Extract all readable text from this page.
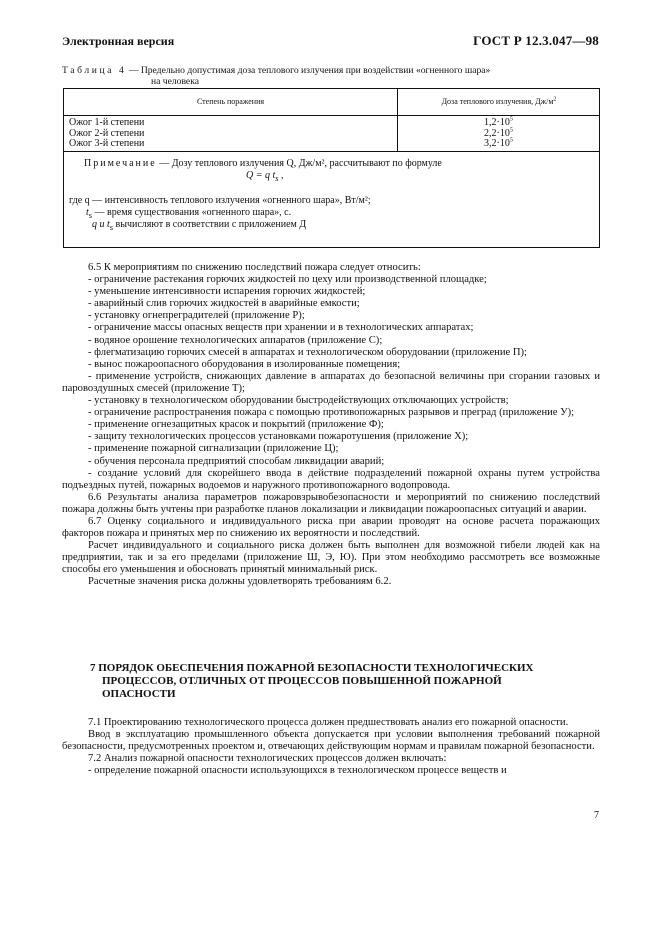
Электронная версия	ГОСТ Р 12.3.047—98
Таблица 4 — Предельно допустимая доза теплового излучения при воздействии «огненного шара»
на человека
Степень поражения	Доза теплового излучения, $Дж/м^2$
Ожог 1-й степени
Ожог 2-й степени
Ожог 3-й степени
$1,2\cdot 10^5$
$2,2\cdot 10^5$
$3,2\cdot 10^5$
Примечание — Дозу теплового излучения Q, Дж/м², рассчитывают по формуле
Q = q $t_s$ ,
где q — интенсивность теплового излучения «огненного шара», Вт/м²;
$t_s$ — время существования «огненного шара», с.
q и $t_s$ вычисляют в соответствии с приложением Д

6.5 К мероприятиям по снижению последствий пожара следует относить:

- ограничение растекания горючих жидкостей по цеху или производственной площадке;

- уменьшение интенсивности испарения горючих жидкостей;

- аварийный слив горючих жидкостей в аварийные емкости;

- установку огнепреградителей (приложение Р);

- ограничение массы опасных веществ при хранении и в технологических аппаратах;

- водяное орошение технологических аппаратов (приложение С);

- флегматизацию горючих смесей в аппаратах и технологическом оборудовании (приложение П);

- вынос пожароопасного оборудования в изолированные помещения;

- применение устройств, снижающих давление в аппаратах до безопасной величины при сгорании газовых и паровоздушных смесей (приложение Т);

- установку в технологическом оборудовании быстродействующих отключающих устройств;

- ограничение распространения пожара с помощью противопожарных разрывов и преград (приложение У);

- применение огнезащитных красок и покрытий (приложение Ф);

- защиту технологических процессов установками пожаротушения (приложение Х);

- применение пожарной сигнализации (приложение Ц);

- обучения персонала предприятий способам ликвидации аварий;

- создание условий для скорейшего ввода в действие подразделений пожарной охраны путем устройства подъездных путей, пожарных водоемов и наружного противопожарного водопровода.

6.6 Результаты анализа параметров пожаровзрывобезопасности и мероприятий по снижению последствий пожара должны быть учтены при разработке планов локализации и ликвидации пожароопасных ситуаций и аварии.

6.7 Оценку социального и индивидуального риска при аварии проводят на основе расчета поражающих факторов пожара и принятых мер по снижению их вероятности и последствий.

Расчет индивидуального и социального риска должен быть выполнен для возможной гибели людей как на предприятии, так и за его пределами (приложение Ш, Э, Ю). При этом необходимо рассмотреть все возможные способы его уменьшения и обосновать принятый минимальный риск.

Расчетные значения риска должны удовлетворять требованиям 6.2.

7 ПОРЯДОК ОБЕСПЕЧЕНИЯ ПОЖАРНОЙ БЕЗОПАСНОСТИ ТЕХНОЛОГИЧЕСКИХ
ПРОЦЕССОВ, ОТЛИЧНЫХ ОТ ПРОЦЕССОВ ПОВЫШЕННОЙ ПОЖАРНОЙ
ОПАСНОСТИ

7.1 Проектированию технологического процесса должен предшествовать анализ его пожарной опасности.

Ввод в эксплуатацию промышленного объекта допускается при условии выполнения требований пожарной безопасности, предусмотренных проектом и, отвечающих действующим нормам и правилам пожарной безопасности.

7.2 Анализ пожарной опасности технологических процессов должен включать:

- определение пожарной опасности использующихся в технологическом процессе веществ и

7
